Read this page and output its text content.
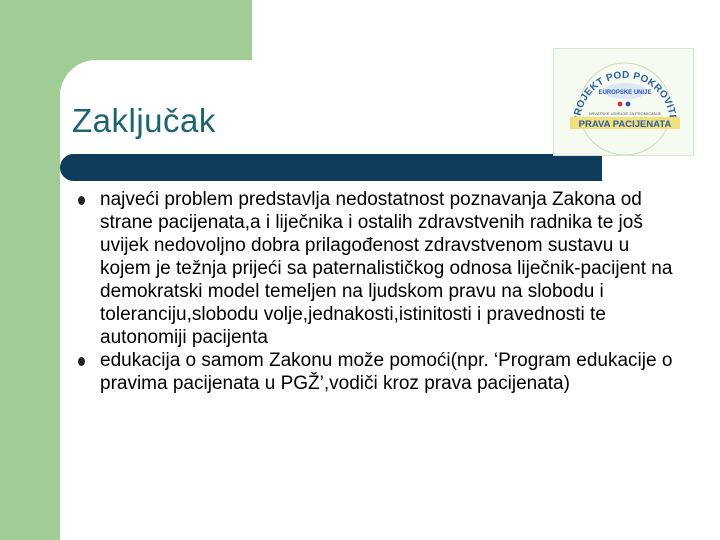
Zaključak	ROJEKT POD POKROVIT
EUROPSKE UNIJE
HRVATSKE UDRUGE ZA PROMICANJE
PRAVA PACIJENATA
najveći problem predstavlja nedostatnost poznavanja Zakona od strane pacijenata,a i liječnika i ostalih zdravstvenih radnika te još uvijek nedovoljno dobra prilagođenost zdravstvenom sustavu u kojem je težnja prijeći sa paternalističkog odnosa liječnik-pacijent na demokratski model temeljen na ljudskom pravu na slobodu i toleranciju,slobodu volje,jednakosti,istinitosti i pravednosti te autonomiji pacijenta
edukacija o samom Zakonu može pomoći(npr. ‘Program edukacije o pravima pacijenata u PGŽ’,vodiči kroz prava pacijenata)
